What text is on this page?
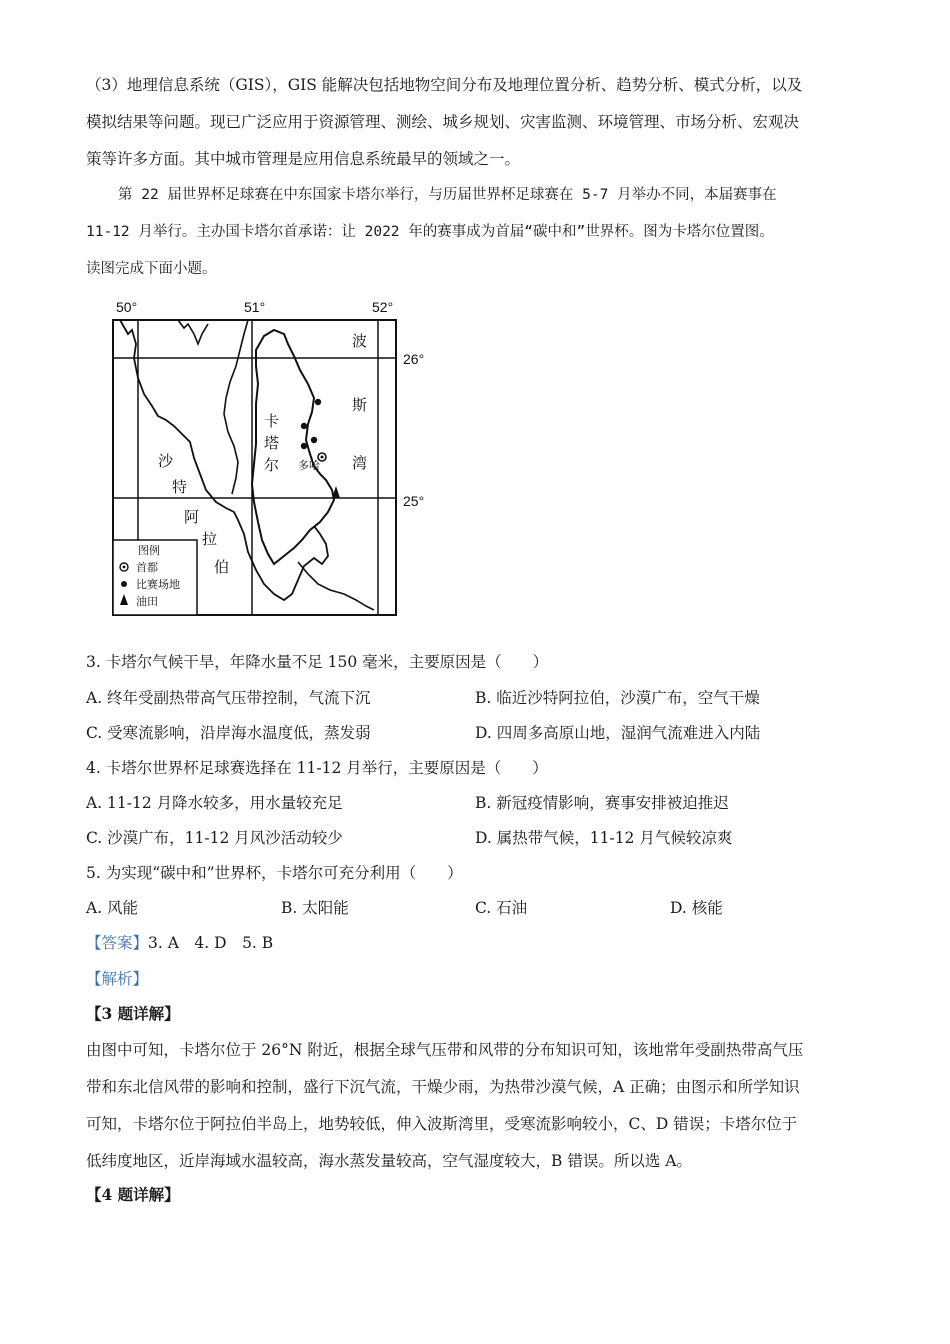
（3）地理信息系统（GIS），GIS 能解决包括地物空间分布及地理位置分析、趋势分析、模式分析，以及
模拟结果等问题。现已广泛应用于资源管理、测绘、城乡规划、灾害监测、环境管理、市场分析、宏观决
策等许多方面。其中城市管理是应用信息系统最早的领域之一。
第 22 届世界杯足球赛在中东国家卡塔尔举行，与历届世界杯足球赛在 5-7 月举办不同，本届赛事在
11-12 月举行。主办国卡塔尔首承诺：让 2022 年的赛事成为首届“碳中和”世界杯。图为卡塔尔位置图。
读图完成下面小题。
50°	51°	52°
26°
25°
波
斯
湾
卡
塔
尔
沙
特
阿
拉
伯
多哈
图例
首都
比赛场地
油田

3. 卡塔尔气候干旱，年降水量不足 150 毫米，主要原因是（　　）

A. 终年受副热带高气压带控制，气流下沉	B. 临近沙特阿拉伯，沙漠广布，空气干燥

C. 受寒流影响，沿岸海水温度低，蒸发弱	D. 四周多高原山地，湿润气流难进入内陆

4. 卡塔尔世界杯足球赛选择在 11-12 月举行，主要原因是（　　）

A. 11-12 月降水较多，用水量较充足	B. 新冠疫情影响，赛事安排被迫推迟

C. 沙漠广布，11-12 月风沙活动较少	D. 属热带气候，11-12 月气候较凉爽

5. 为实现“碳中和”世界杯，卡塔尔可充分利用（　　）

A. 风能	B. 太阳能	C. 石油	D. 核能

【答案】3. A　4. D　5. B

【解析】

【3 题详解】

由图中可知，卡塔尔位于 26°N 附近，根据全球气压带和风带的分布知识可知，该地常年受副热带高气压
带和东北信风带的影响和控制，盛行下沉气流，干燥少雨，为热带沙漠气候，A 正确；由图示和所学知识
可知，卡塔尔位于阿拉伯半岛上，地势较低，伸入波斯湾里，受寒流影响较小，C、D 错误；卡塔尔位于
低纬度地区，近岸海域水温较高，海水蒸发量较高，空气湿度较大，B 错误。所以选 A。

【4 题详解】
